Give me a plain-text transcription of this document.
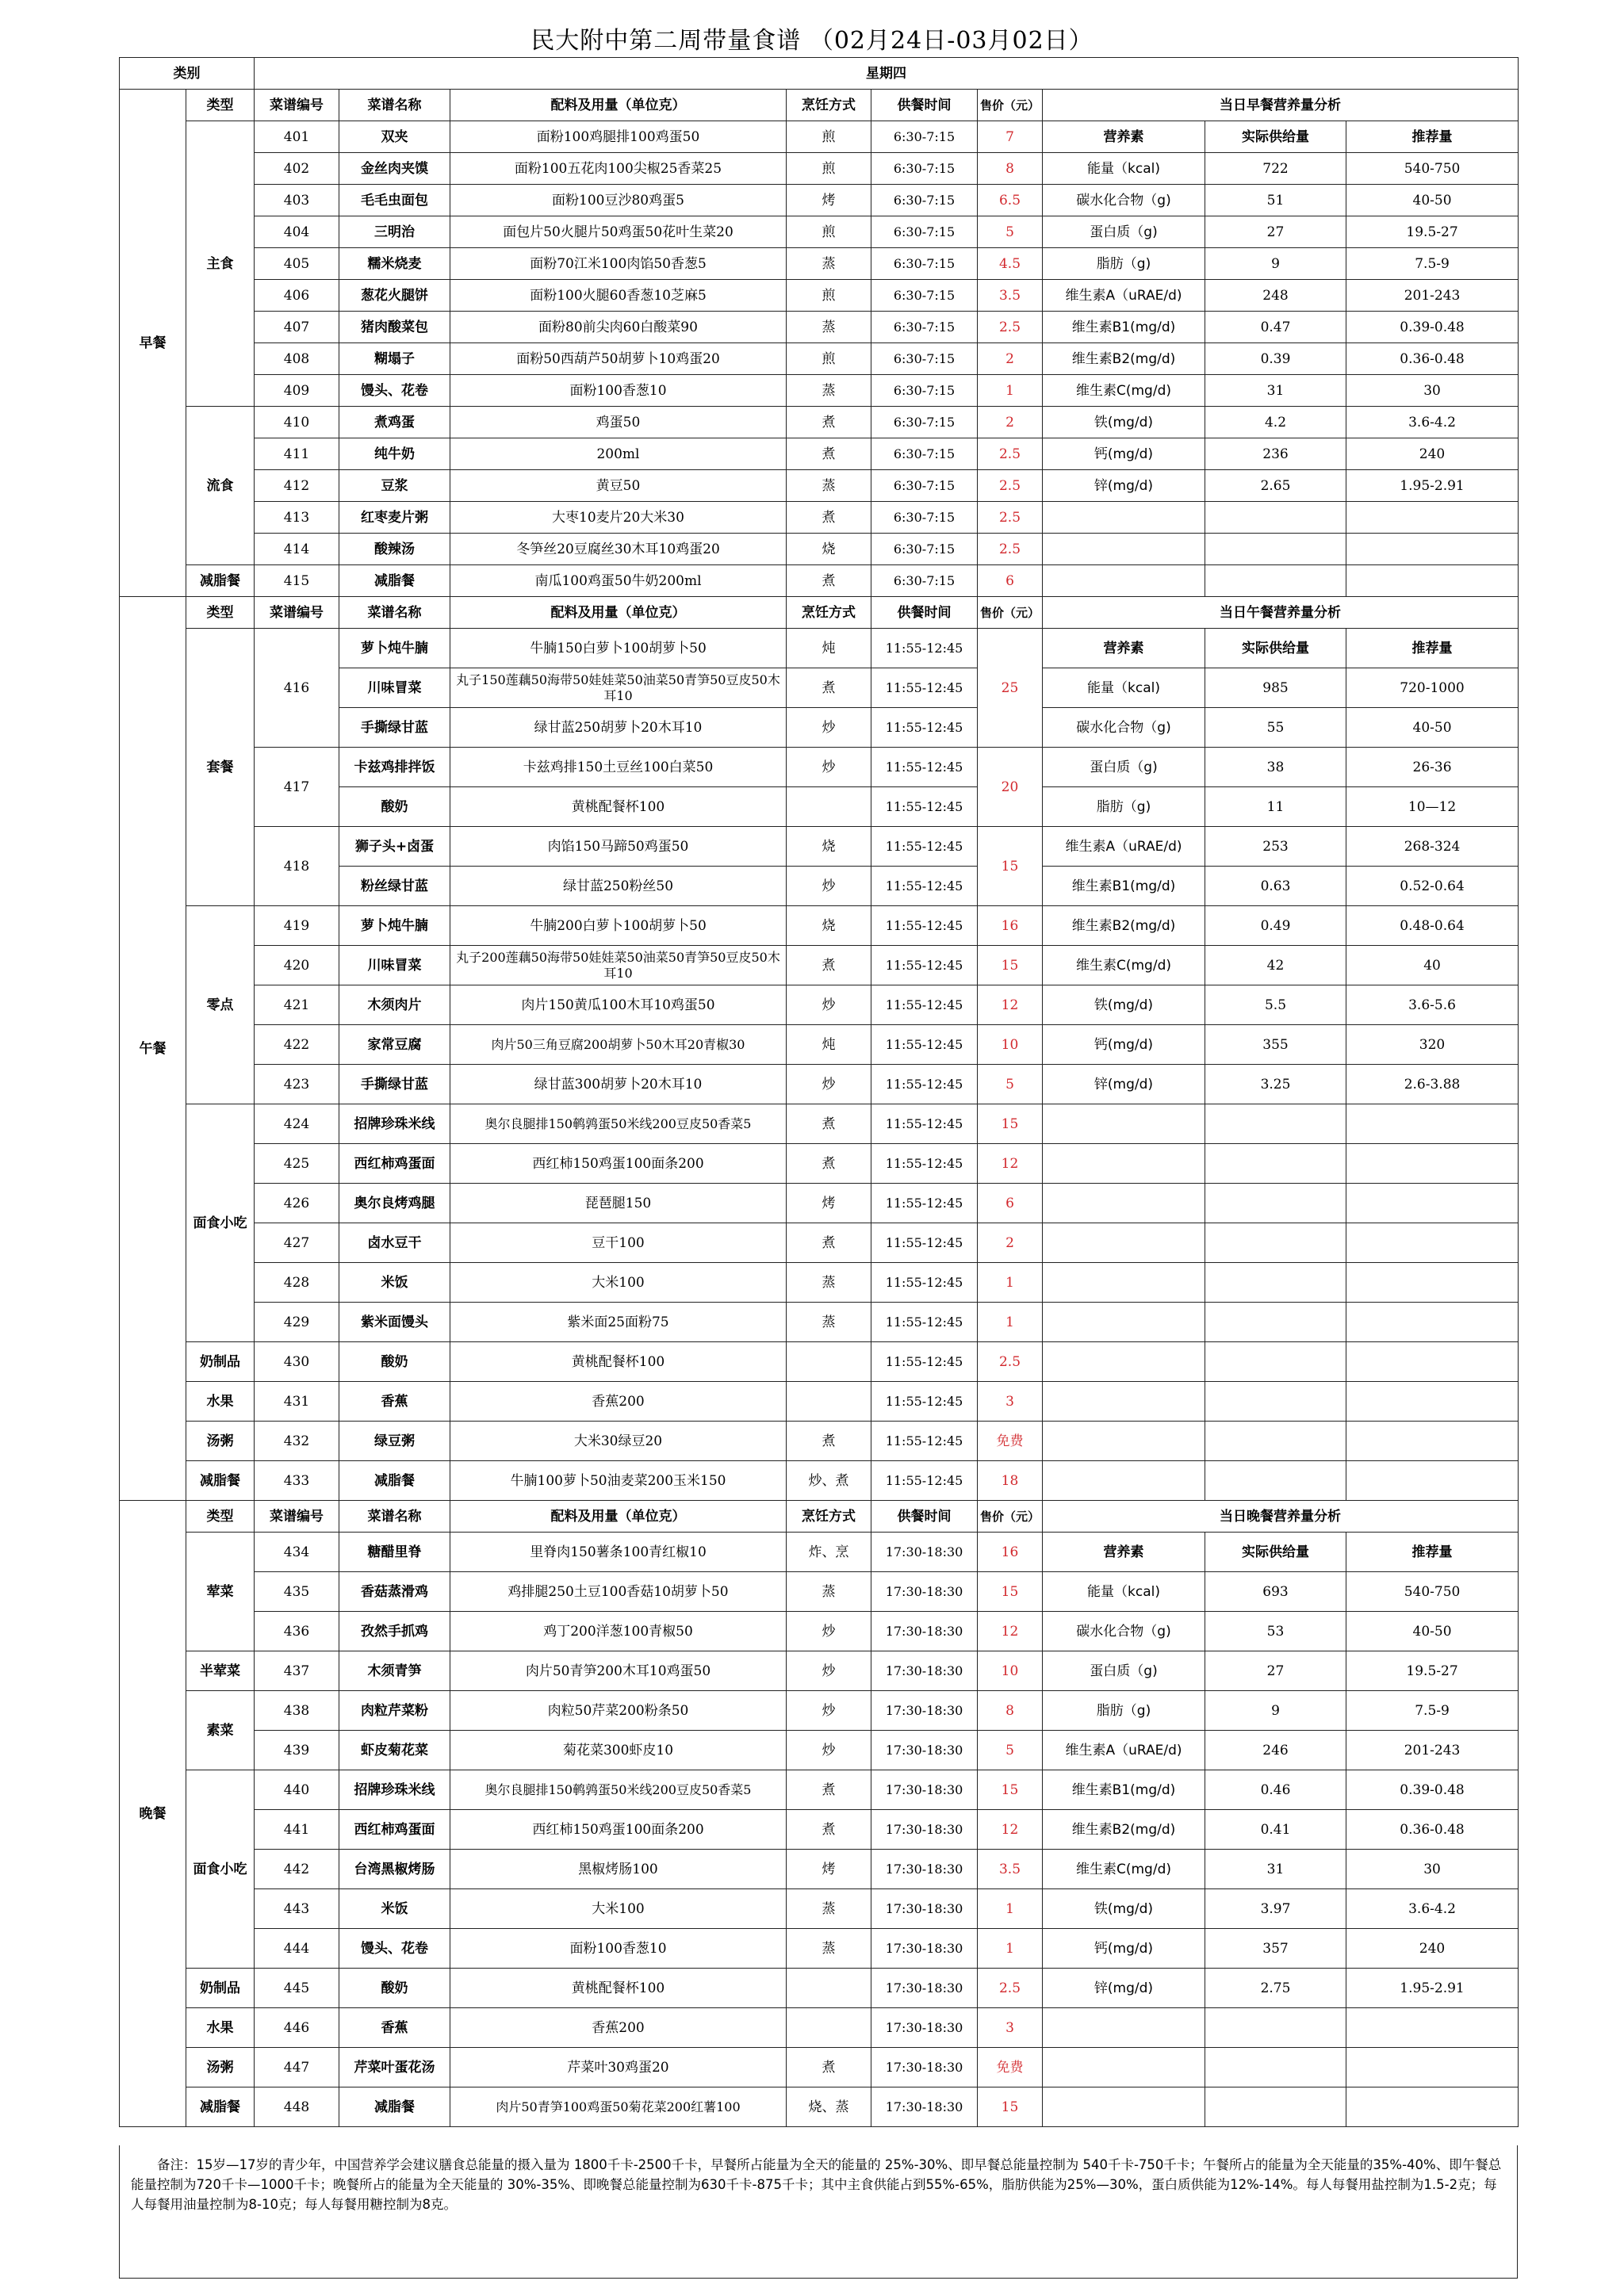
民大附中第二周带量食谱 （02月24日-03月02日）
类别		星期四								
早餐	类型	菜谱编号	菜谱名称	配料及用量（单位克）	烹饪方式	供餐时间	售价（元）	当日早餐营养量分析		
	主食	401	双夹	面粉100鸡腿排100鸡蛋50	煎	6:30-7:15	7	营养素	实际供给量	推荐量
		402	金丝肉夹馍	面粉100五花肉100尖椒25香菜25	煎	6:30-7:15	8	能量（kcal)	722	540-750
		403	毛毛虫面包	面粉100豆沙80鸡蛋5	烤	6:30-7:15	6.5	碳水化合物（g)	51	40-50
		404	三明治	面包片50火腿片50鸡蛋50花叶生菜20	煎	6:30-7:15	5	蛋白质（g)	27	19.5-27
		405	糯米烧麦	面粉70江米100肉馅50香葱5	蒸	6:30-7:15	4.5	脂肪（g)	9	7.5-9
		406	葱花火腿饼	面粉100火腿60香葱10芝麻5	煎	6:30-7:15	3.5	维生素A（uRAE/d)	248	201-243
		407	猪肉酸菜包	面粉80前尖肉60白酸菜90	蒸	6:30-7:15	2.5	维生素B1(mg/d)	0.47	0.39-0.48
		408	糊塌子	面粉50西葫芦50胡萝卜10鸡蛋20	煎	6:30-7:15	2	维生素B2(mg/d)	0.39	0.36-0.48
		409	馒头、花卷	面粉100香葱10	蒸	6:30-7:15	1	维生素C(mg/d)	31	30
	流食	410	煮鸡蛋	鸡蛋50	煮	6:30-7:15	2	铁(mg/d)	4.2	3.6-4.2
		411	纯牛奶	200ml	煮	6:30-7:15	2.5	钙(mg/d)	236	240
		412	豆浆	黄豆50	蒸	6:30-7:15	2.5	锌(mg/d)	2.65	1.95-2.91
		413	红枣麦片粥	大枣10麦片20大米30	煮	6:30-7:15	2.5			
		414	酸辣汤	冬笋丝20豆腐丝30木耳10鸡蛋20	烧	6:30-7:15	2.5			
	减脂餐	415	减脂餐	南瓜100鸡蛋50牛奶200ml	煮	6:30-7:15	6			
午餐	类型	菜谱编号	菜谱名称	配料及用量（单位克）	烹饪方式	供餐时间	售价（元）	当日午餐营养量分析		
	套餐	416	萝卜炖牛腩	牛腩150白萝卜100胡萝卜50	炖	11:55-12:45	25	营养素	实际供给量	推荐量
			川味冒菜	丸子150莲藕50海带50娃娃菜50油菜50青笋50豆皮50木耳10	煮	11:55-12:45		能量（kcal)	985	720-1000
			手撕绿甘蓝	绿甘蓝250胡萝卜20木耳10	炒	11:55-12:45		碳水化合物（g)	55	40-50
		417	卡兹鸡排拌饭	卡兹鸡排150土豆丝100白菜50	炒	11:55-12:45	20	蛋白质（g)	38	26-36
			酸奶	黄桃配餐杯100		11:55-12:45		脂肪（g)	11	10—12
		418	狮子头+卤蛋	肉馅150马蹄50鸡蛋50	烧	11:55-12:45	15	维生素A（uRAE/d)	253	268-324
			粉丝绿甘蓝	绿甘蓝250粉丝50	炒	11:55-12:45		维生素B1(mg/d)	0.63	0.52-0.64
	零点	419	萝卜炖牛腩	牛腩200白萝卜100胡萝卜50	烧	11:55-12:45	16	维生素B2(mg/d)	0.49	0.48-0.64
		420	川味冒菜	丸子200莲藕50海带50娃娃菜50油菜50青笋50豆皮50木耳10	煮	11:55-12:45	15	维生素C(mg/d)	42	40
		421	木须肉片	肉片150黄瓜100木耳10鸡蛋50	炒	11:55-12:45	12	铁(mg/d)	5.5	3.6-5.6
		422	家常豆腐	肉片50三角豆腐200胡萝卜50木耳20青椒30	炖	11:55-12:45	10	钙(mg/d)	355	320
		423	手撕绿甘蓝	绿甘蓝300胡萝卜20木耳10	炒	11:55-12:45	5	锌(mg/d)	3.25	2.6-3.88
	面食小吃	424	招牌珍珠米线	奥尔良腿排150鹌鹑蛋50米线200豆皮50香菜5	煮	11:55-12:45	15			
		425	西红柿鸡蛋面	西红柿150鸡蛋100面条200	煮	11:55-12:45	12			
		426	奥尔良烤鸡腿	琵琶腿150	烤	11:55-12:45	6			
		427	卤水豆干	豆干100	煮	11:55-12:45	2			
		428	米饭	大米100	蒸	11:55-12:45	1			
		429	紫米面馒头	紫米面25面粉75	蒸	11:55-12:45	1			
	奶制品	430	酸奶	黄桃配餐杯100		11:55-12:45	2.5			
	水果	431	香蕉	香蕉200		11:55-12:45	3			
	汤粥	432	绿豆粥	大米30绿豆20	煮	11:55-12:45	免费			
	减脂餐	433	减脂餐	牛腩100萝卜50油麦菜200玉米150	炒、煮	11:55-12:45	18			
晚餐	类型	菜谱编号	菜谱名称	配料及用量（单位克）	烹饪方式	供餐时间	售价（元）	当日晚餐营养量分析		
	荤菜	434	糖醋里脊	里脊肉150薯条100青红椒10	炸、烹	17:30-18:30	16	营养素	实际供给量	推荐量
		435	香菇蒸滑鸡	鸡排腿250土豆100香菇10胡萝卜50	蒸	17:30-18:30	15	能量（kcal)	693	540-750
		436	孜然手抓鸡	鸡丁200洋葱100青椒50	炒	17:30-18:30	12	碳水化合物（g)	53	40-50
	半荤菜	437	木须青笋	肉片50青笋200木耳10鸡蛋50	炒	17:30-18:30	10	蛋白质（g)	27	19.5-27
	素菜	438	肉粒芹菜粉	肉粒50芹菜200粉条50	炒	17:30-18:30	8	脂肪（g)	9	7.5-9
		439	虾皮菊花菜	菊花菜300虾皮10	炒	17:30-18:30	5	维生素A（uRAE/d)	246	201-243
	面食小吃	440	招牌珍珠米线	奥尔良腿排150鹌鹑蛋50米线200豆皮50香菜5	煮	17:30-18:30	15	维生素B1(mg/d)	0.46	0.39-0.48
		441	西红柿鸡蛋面	西红柿150鸡蛋100面条200	煮	17:30-18:30	12	维生素B2(mg/d)	0.41	0.36-0.48
		442	台湾黑椒烤肠	黑椒烤肠100	烤	17:30-18:30	3.5	维生素C(mg/d)	31	30
		443	米饭	大米100	蒸	17:30-18:30	1	铁(mg/d)	3.97	3.6-4.2
		444	馒头、花卷	面粉100香葱10	蒸	17:30-18:30	1	钙(mg/d)	357	240
	奶制品	445	酸奶	黄桃配餐杯100		17:30-18:30	2.5	锌(mg/d)	2.75	1.95-2.91
	水果	446	香蕉	香蕉200		17:30-18:30	3			
	汤粥	447	芹菜叶蛋花汤	芹菜叶30鸡蛋20	煮	17:30-18:30	免费			
	减脂餐	448	减脂餐	肉片50青笋100鸡蛋50菊花菜200红薯100	烧、蒸	17:30-18:30	15			
备注：15岁—17岁的青少年，中国营养学会建议膳食总能量的摄入量为 1800千卡-2500千卡，早餐所占能量为全天的能量的 25%-30%、即早餐总能量控制为 540千卡-750千卡；午餐所占的能量为全天能量的35%-40%、即午餐总能量控制为720千卡—1000千卡；晚餐所占的能量为全天能量的 30%-35%、即晚餐总能量控制为630千卡-875千卡；其中主食供能占到55%-65%，脂肪供能为25%—30%，蛋白质供能为12%-14%。每人每餐用盐控制为1.5-2克；每人每餐用油量控制为8-10克；每人每餐用糖控制为8克。
